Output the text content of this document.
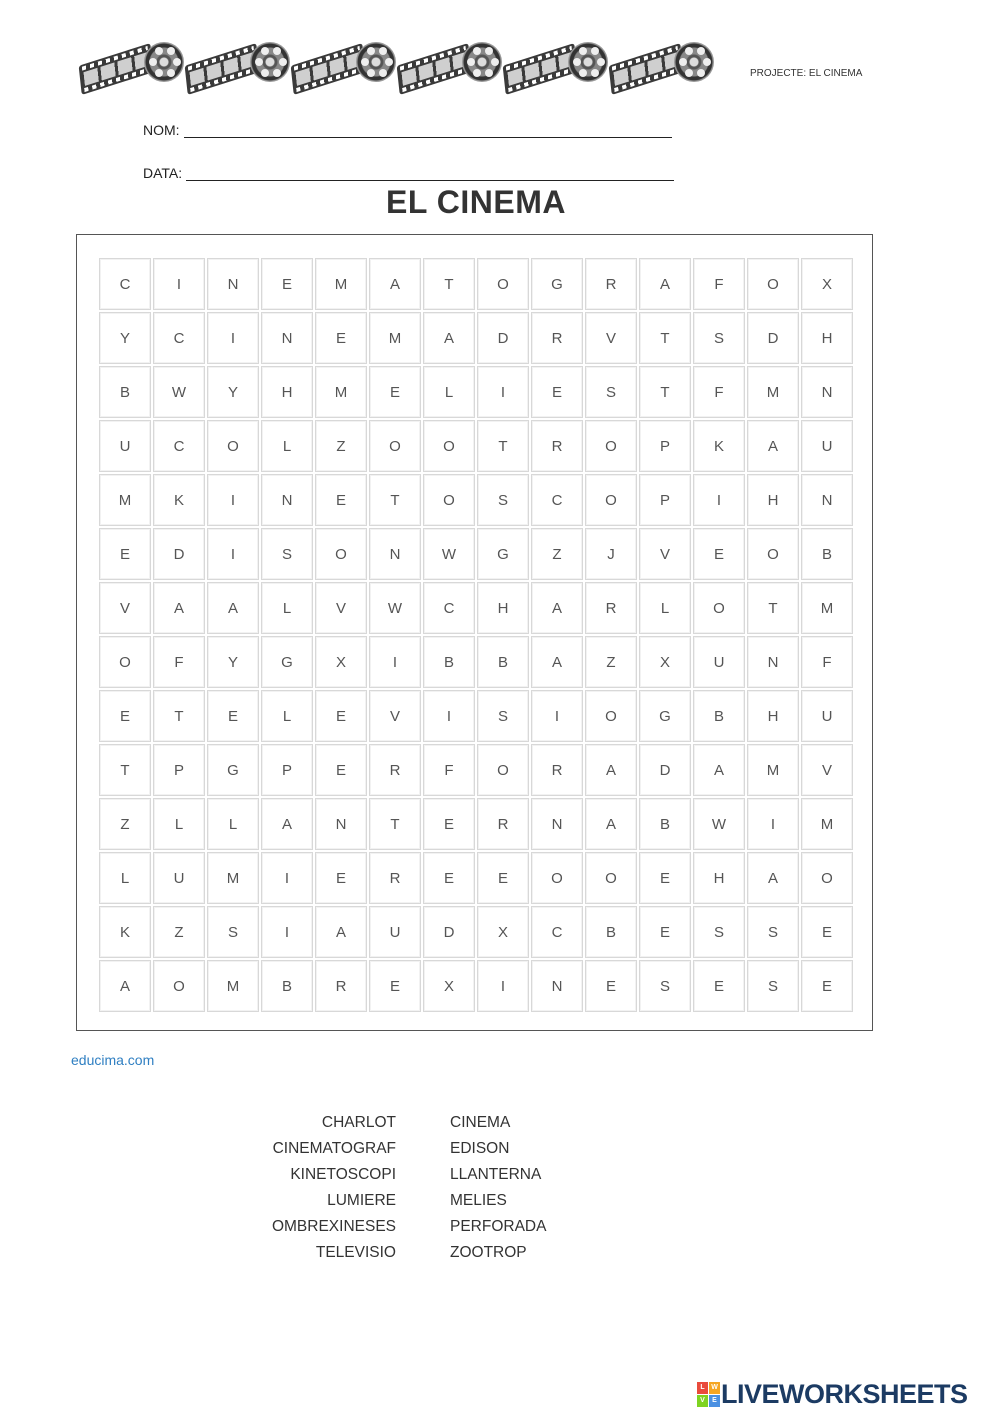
PROJECTE: EL CINEMA
NOM:
DATA:
EL CINEMA
C	I	N	E	M	A	T	O	G	R	A	F	O	X
Y	C	I	N	E	M	A	D	R	V	T	S	D	H
B	W	Y	H	M	E	L	I	E	S	T	F	M	N
U	C	O	L	Z	O	O	T	R	O	P	K	A	U
M	K	I	N	E	T	O	S	C	O	P	I	H	N
E	D	I	S	O	N	W	G	Z	J	V	E	O	B
V	A	A	L	V	W	C	H	A	R	L	O	T	M
O	F	Y	G	X	I	B	B	A	Z	X	U	N	F
E	T	E	L	E	V	I	S	I	O	G	B	H	U
T	P	G	P	E	R	F	O	R	A	D	A	M	V
Z	L	L	A	N	T	E	R	N	A	B	W	I	M
L	U	M	I	E	R	E	E	O	O	E	H	A	O
K	Z	S	I	A	U	D	X	C	B	E	S	S	E
A	O	M	B	R	E	X	I	N	E	S	E	S	E
educima.com
CHARLOT
CINEMATOGRAF
KINETOSCOPI
LUMIERE
OMBREXINESES
TELEVISIO
CINEMA
EDISON
LLANTERNA
MELIES
PERFORADA
ZOOTROP
L W
V	E LIVEWORKSHEETS
